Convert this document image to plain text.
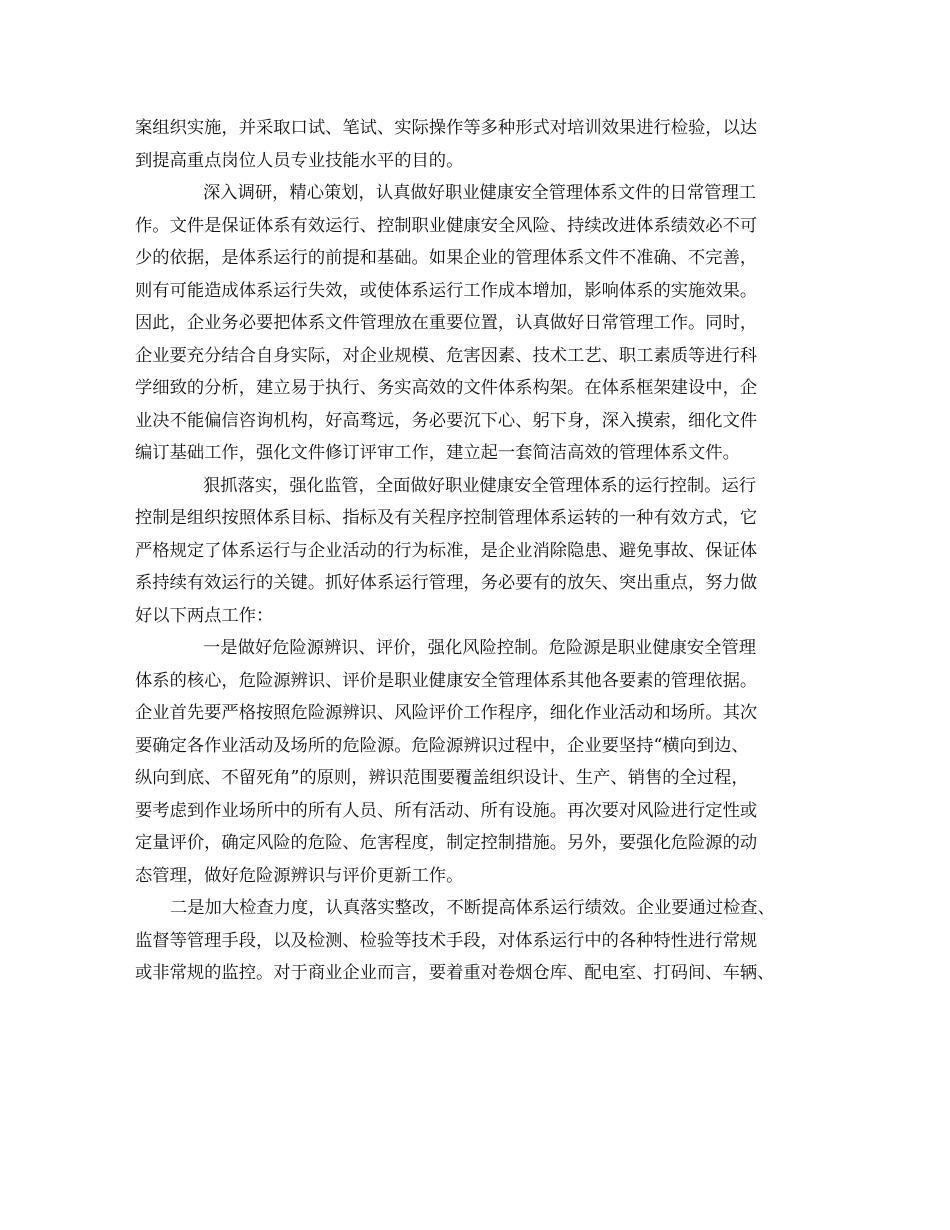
案组织实施，并采取口试、笔试、实际操作等多种形式对培训效果进行检验，以达
到提高重点岗位人员专业技能水平的目的。
深入调研，精心策划，认真做好职业健康安全管理体系文件的日常管理工
作。文件是保证体系有效运行、控制职业健康安全风险、持续改进体系绩效必不可
少的依据，是体系运行的前提和基础。如果企业的管理体系文件不准确、不完善，
则有可能造成体系运行失效，或使体系运行工作成本增加，影响体系的实施效果。
因此，企业务必要把体系文件管理放在重要位置，认真做好日常管理工作。同时，
企业要充分结合自身实际，对企业规模、危害因素、技术工艺、职工素质等进行科
学细致的分析，建立易于执行、务实高效的文件体系构架。在体系框架建设中，企
业决不能偏信咨询机构，好高骛远，务必要沉下心、躬下身，深入摸索，细化文件
编订基础工作，强化文件修订评审工作，建立起一套简洁高效的管理体系文件。
狠抓落实，强化监管，全面做好职业健康安全管理体系的运行控制。运行
控制是组织按照体系目标、指标及有关程序控制管理体系运转的一种有效方式，它
严格规定了体系运行与企业活动的行为标准，是企业消除隐患、避免事故、保证体
系持续有效运行的关键。抓好体系运行管理，务必要有的放矢、突出重点，努力做
好以下两点工作：
一是做好危险源辨识、评价，强化风险控制。危险源是职业健康安全管理
体系的核心，危险源辨识、评价是职业健康安全管理体系其他各要素的管理依据。
企业首先要严格按照危险源辨识、风险评价工作程序，细化作业活动和场所。其次
要确定各作业活动及场所的危险源。危险源辨识过程中，企业要坚持“横向到边、
纵向到底、不留死角”的原则，辨识范围要覆盖组织设计、生产、销售的全过程，
要考虑到作业场所中的所有人员、所有活动、所有设施。再次要对风险进行定性或
定量评价，确定风险的危险、危害程度，制定控制措施。另外，要强化危险源的动
态管理，做好危险源辨识与评价更新工作。
二是加大检查力度，认真落实整改，不断提高体系运行绩效。企业要通过检查、
监督等管理手段，以及检测、检验等技术手段，对体系运行中的各种特性进行常规
或非常规的监控。对于商业企业而言，要着重对卷烟仓库、配电室、打码间、车辆、
